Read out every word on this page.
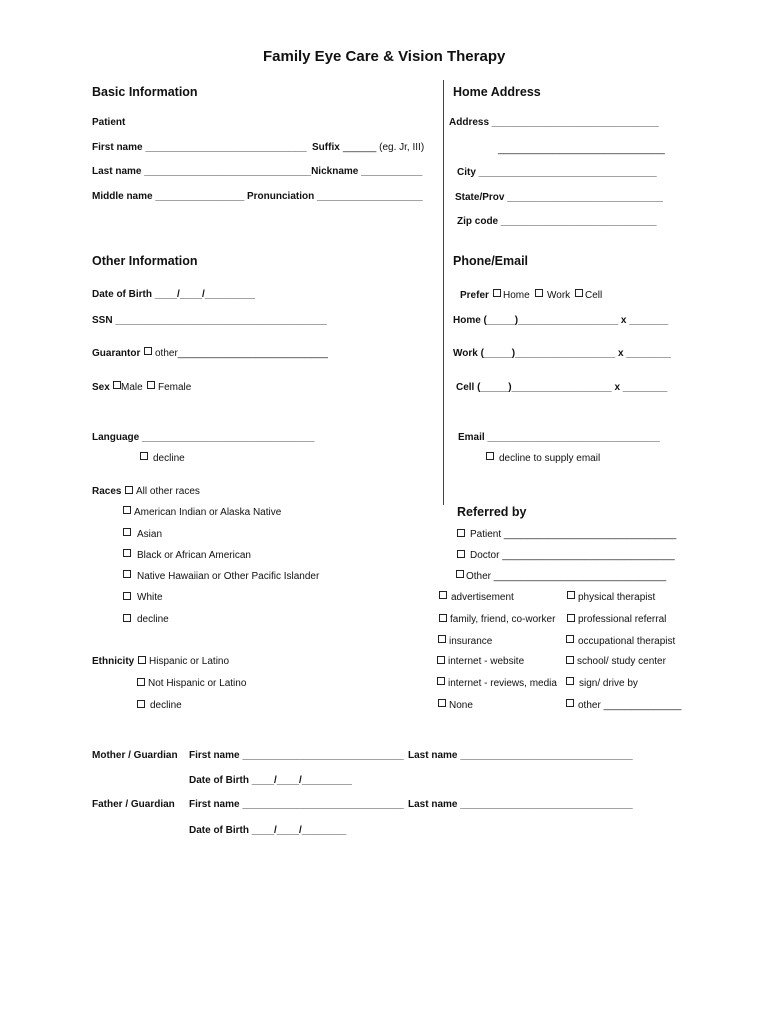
Family Eye Care & Vision Therapy
Basic Information
Patient
First name _____________________________ Suffix ______ (eg. Jr, III)
Last name ______________________________Nickname ___________
Middle name ________________ Pronunciation ___________________
Home Address
Address ______________________________
______________________________
City ________________________________
State/Prov ____________________________
Zip code ____________________________
Other Information
Date of Birth ____/____/_________
SSN ______________________________________
Guarantor other___________________________
Sex Male Female
Language _______________________________
decline
Phone/Email
Prefer Home Work Cell
Home (_____)__________________ x _______
Work (_____)__________________ x ________
Cell (_____)__________________ x ________
Email _______________________________
decline to supply email
Races All other races
American Indian or Alaska Native
Asian
Black or African American
Native Hawaiian or Other Pacific Islander
White
decline
Ethnicity Hispanic or Latino
Not Hispanic or Latino
decline
Referred by
Patient _______________________________
Doctor _______________________________
Other _______________________________
advertisement
family, friend, co-worker
insurance
internet - website
internet - reviews, media
None
physical therapist
professional referral
occupational therapist
school/ study center
sign/ drive by
other ______________
Mother / Guardian First name _____________________________ Last name _______________________________
Date of Birth ____/____/_________
Father / Guardian First name _____________________________ Last name _______________________________
Date of Birth ____/____/________
